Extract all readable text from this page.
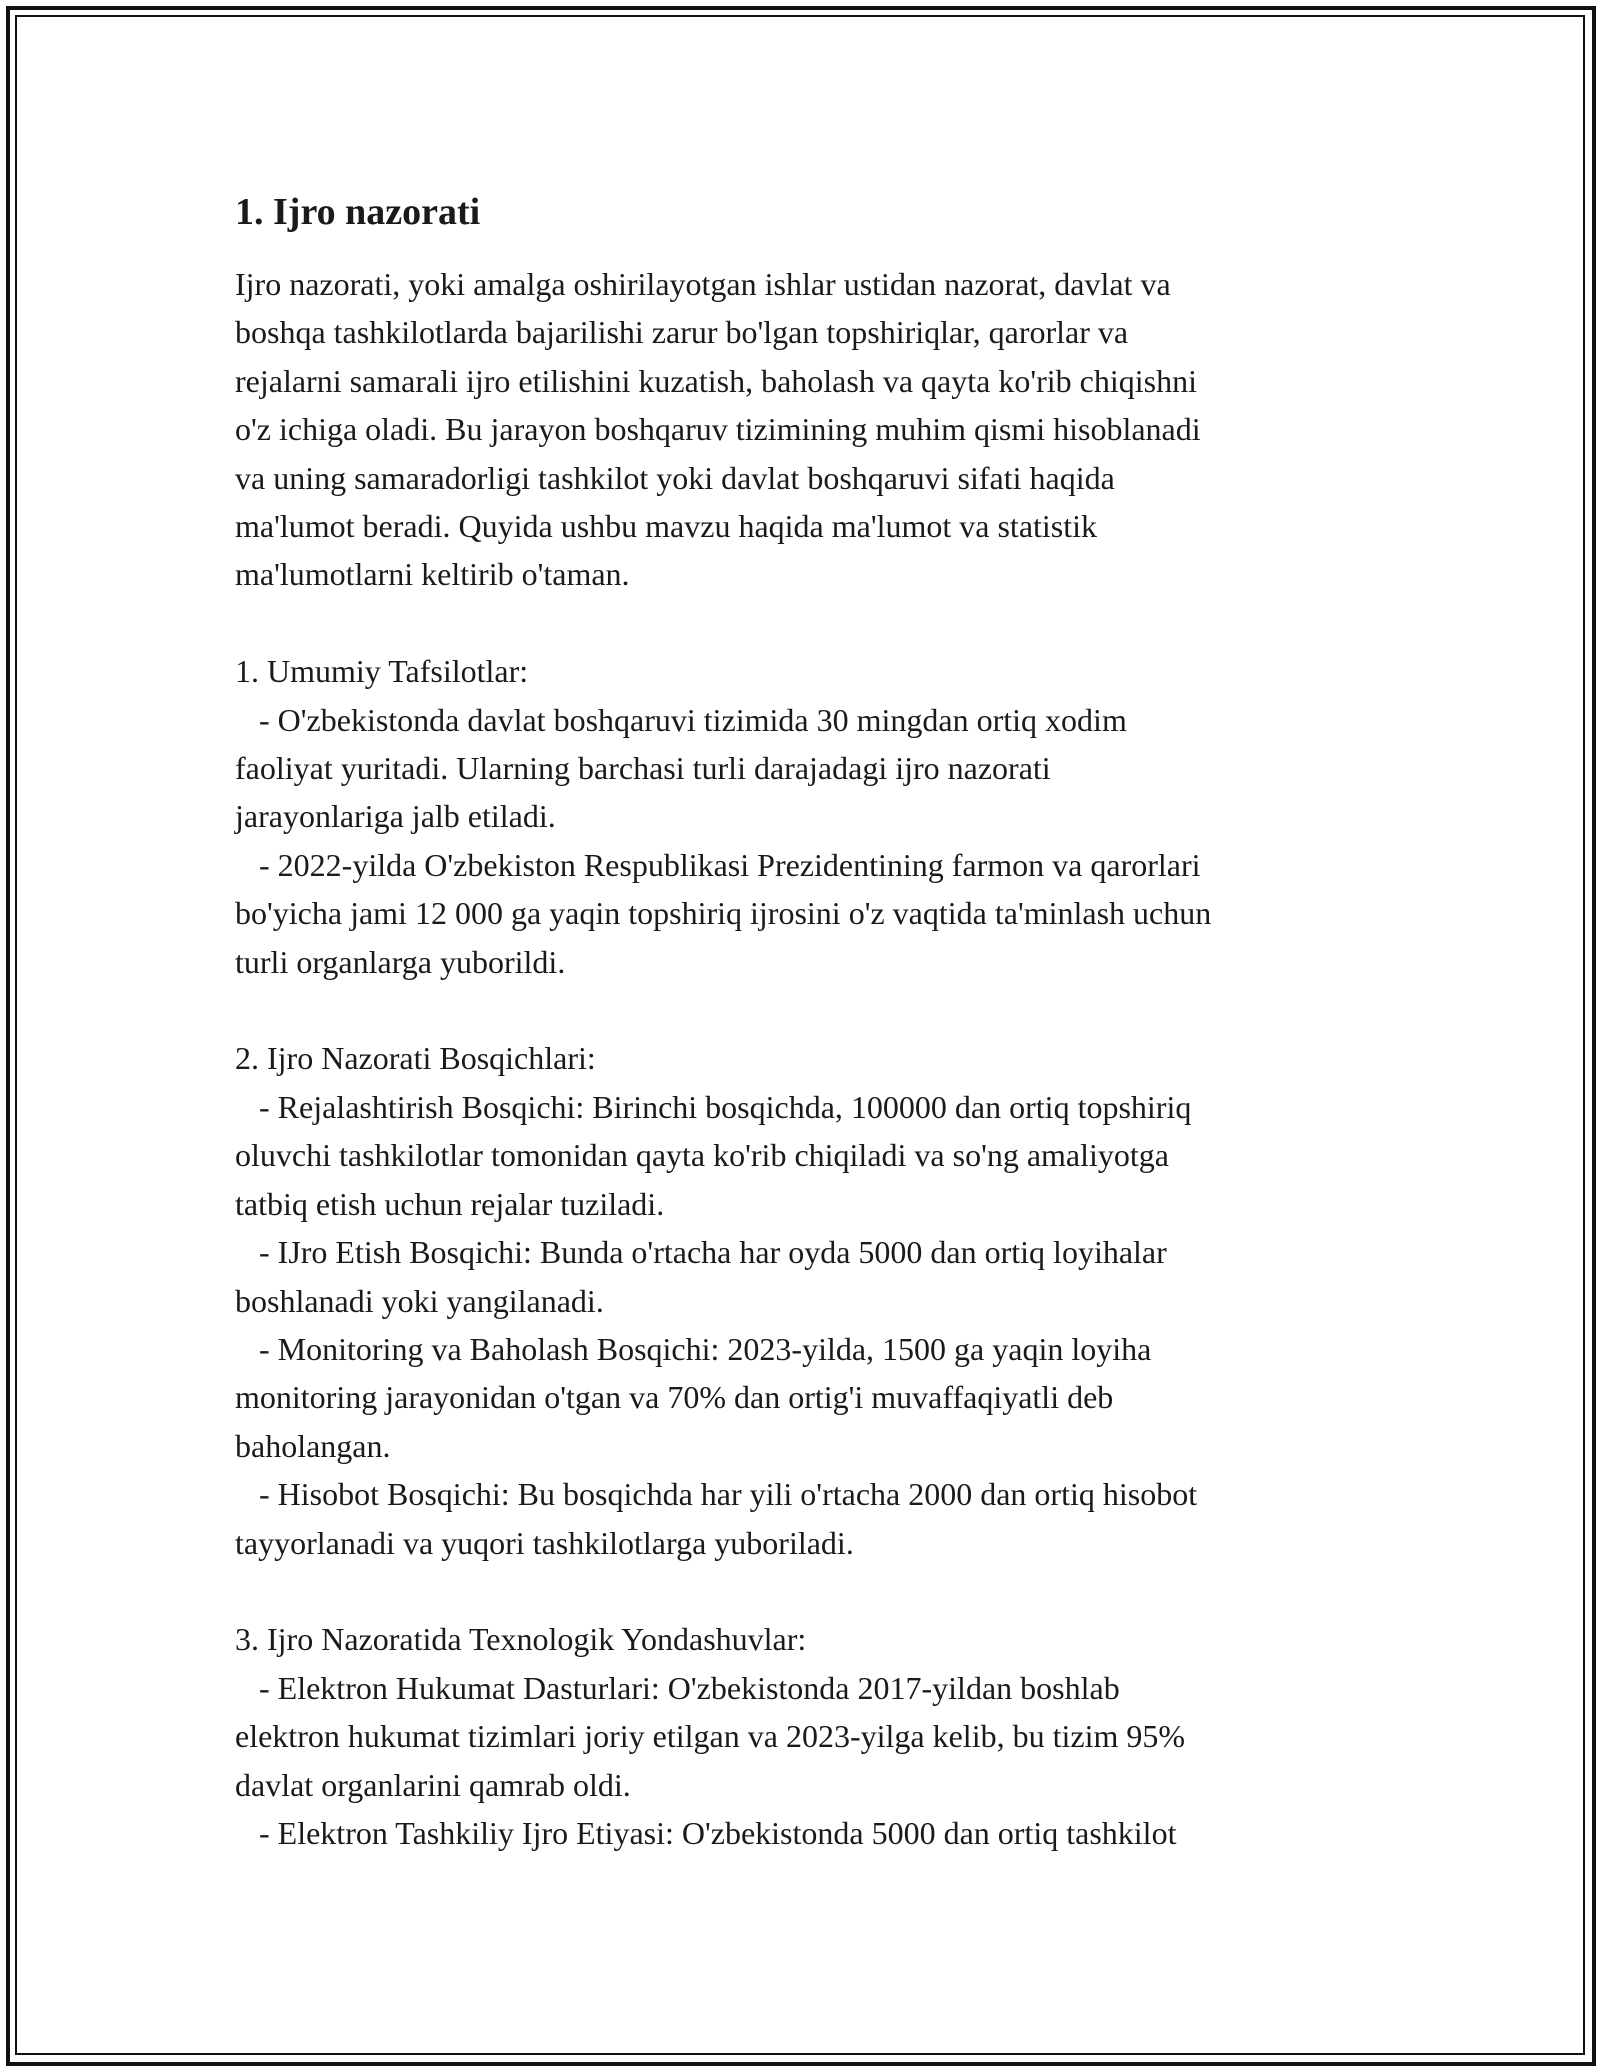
1. Ijro nazorati

Ijro nazorati, yoki amalga oshirilayotgan ishlar ustidan nazorat, davlat va
boshqa tashkilotlarda bajarilishi zarur bo'lgan topshiriqlar, qarorlar va
rejalarni samarali ijro etilishini kuzatish, baholash va qayta ko'rib chiqishni
o'z ichiga oladi. Bu jarayon boshqaruv tizimining muhim qismi hisoblanadi
va uning samaradorligi tashkilot yoki davlat boshqaruvi sifati haqida
ma'lumot beradi. Quyida ushbu mavzu haqida ma'lumot va statistik
ma'lumotlarni keltirib o'taman.

1. Umumiy Tafsilotlar:

- O'zbekistonda davlat boshqaruvi tizimida 30 mingdan ortiq xodim
faoliyat yuritadi. Ularning barchasi turli darajadagi ijro nazorati
jarayonlariga jalb etiladi.

- 2022-yilda O'zbekiston Respublikasi Prezidentining farmon va qarorlari
bo'yicha jami 12 000 ga yaqin topshiriq ijrosini o'z vaqtida ta'minlash uchun
turli organlarga yuborildi.

2. Ijro Nazorati Bosqichlari:

- Rejalashtirish Bosqichi: Birinchi bosqichda, 100000 dan ortiq topshiriq
oluvchi tashkilotlar tomonidan qayta ko'rib chiqiladi va so'ng amaliyotga
tatbiq etish uchun rejalar tuziladi.

- IJro Etish Bosqichi: Bunda o'rtacha har oyda 5000 dan ortiq loyihalar
boshlanadi yoki yangilanadi.

- Monitoring va Baholash Bosqichi: 2023-yilda, 1500 ga yaqin loyiha
monitoring jarayonidan o'tgan va 70% dan ortig'i muvaffaqiyatli deb
baholangan.

- Hisobot Bosqichi: Bu bosqichda har yili o'rtacha 2000 dan ortiq hisobot
tayyorlanadi va yuqori tashkilotlarga yuboriladi.

3. Ijro Nazoratida Texnologik Yondashuvlar:

- Elektron Hukumat Dasturlari: O'zbekistonda 2017-yildan boshlab
elektron hukumat tizimlari joriy etilgan va 2023-yilga kelib, bu tizim 95%
davlat organlarini qamrab oldi.

- Elektron Tashkiliy Ijro Etiyasi: O'zbekistonda 5000 dan ortiq tashkilot
